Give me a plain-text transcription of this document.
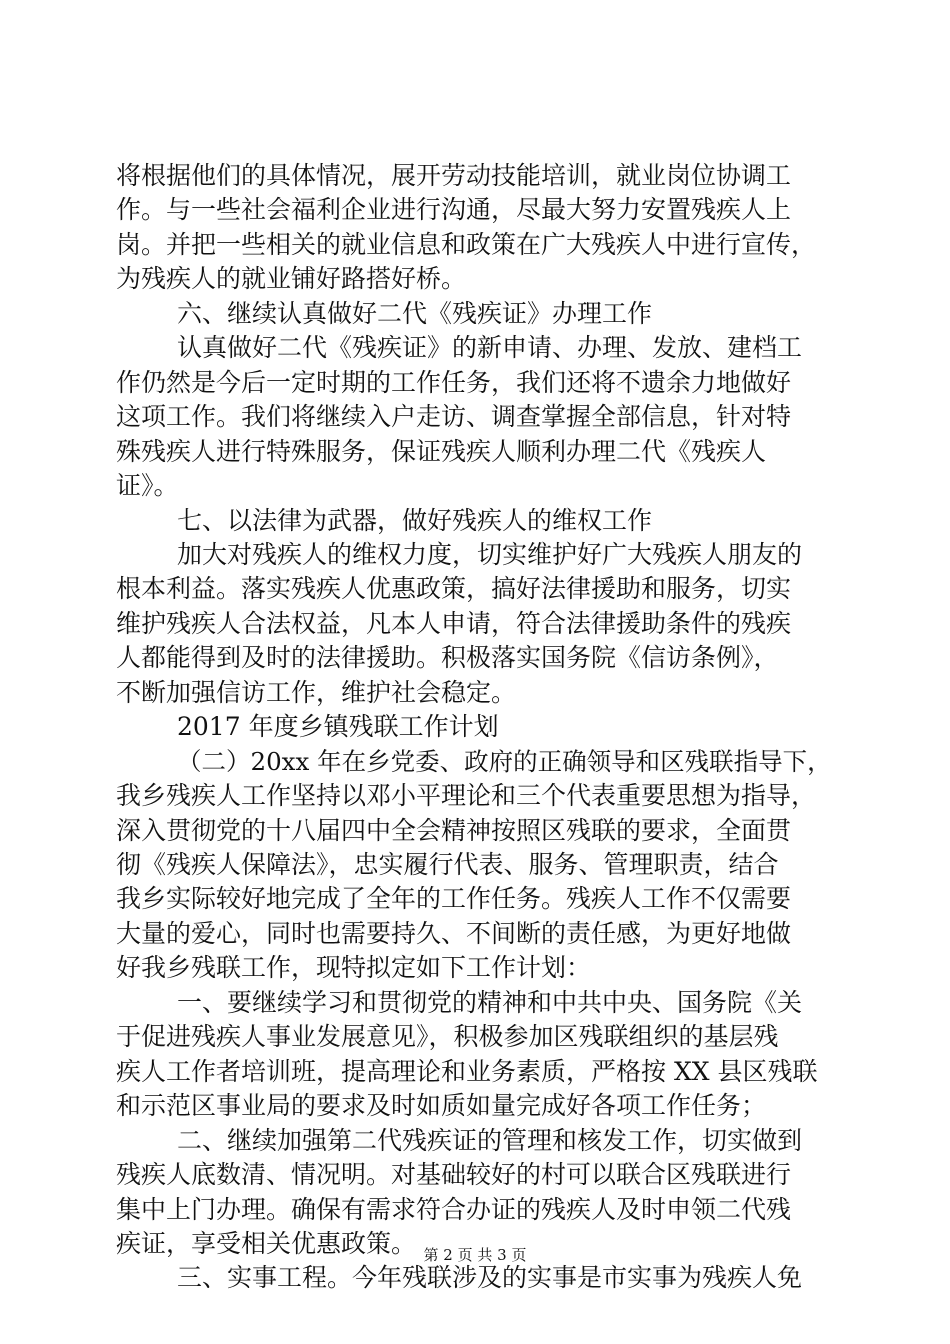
将根据他们的具体情况，展开劳动技能培训，就业岗位协调工
作。与一些社会福利企业进行沟通，尽最大努力安置残疾人上
岗。并把一些相关的就业信息和政策在广大残疾人中进行宣传，
为残疾人的就业铺好路搭好桥。
六、继续认真做好二代《残疾证》办理工作
认真做好二代《残疾证》的新申请、办理、发放、建档工
作仍然是今后一定时期的工作任务，我们还将不遗余力地做好
这项工作。我们将继续入户走访、调查掌握全部信息，针对特
殊残疾人进行特殊服务，保证残疾人顺利办理二代《残疾人
证》。
七、以法律为武器，做好残疾人的维权工作
加大对残疾人的维权力度，切实维护好广大残疾人朋友的
根本利益。落实残疾人优惠政策，搞好法律援助和服务，切实
维护残疾人合法权益，凡本人申请，符合法律援助条件的残疾
人都能得到及时的法律援助。积极落实国务院《信访条例》，
不断加强信访工作，维护社会稳定。
2017 年度乡镇残联工作计划
（二）20xx 年在乡党委、政府的正确领导和区残联指导下，
我乡残疾人工作坚持以邓小平理论和三个代表重要思想为指导，
深入贯彻党的十八届四中全会精神按照区残联的要求，全面贯
彻《残疾人保障法》，忠实履行代表、服务、管理职责，结合
我乡实际较好地完成了全年的工作任务。残疾人工作不仅需要
大量的爱心，同时也需要持久、不间断的责任感，为更好地做
好我乡残联工作，现特拟定如下工作计划：
一、要继续学习和贯彻党的精神和中共中央、国务院《关
于促进残疾人事业发展意见》，积极参加区残联组织的基层残
疾人工作者培训班，提高理论和业务素质，严格按 XX 县区残联
和示范区事业局的要求及时如质如量完成好各项工作任务；
二、继续加强第二代残疾证的管理和核发工作，切实做到
残疾人底数清、情况明。对基础较好的村可以联合区残联进行
集中上门办理。确保有需求符合办证的残疾人及时申领二代残
疾证，享受相关优惠政策。
三、实事工程。今年残联涉及的实事是市实事为残疾人免
第 2 页 共 3 页
